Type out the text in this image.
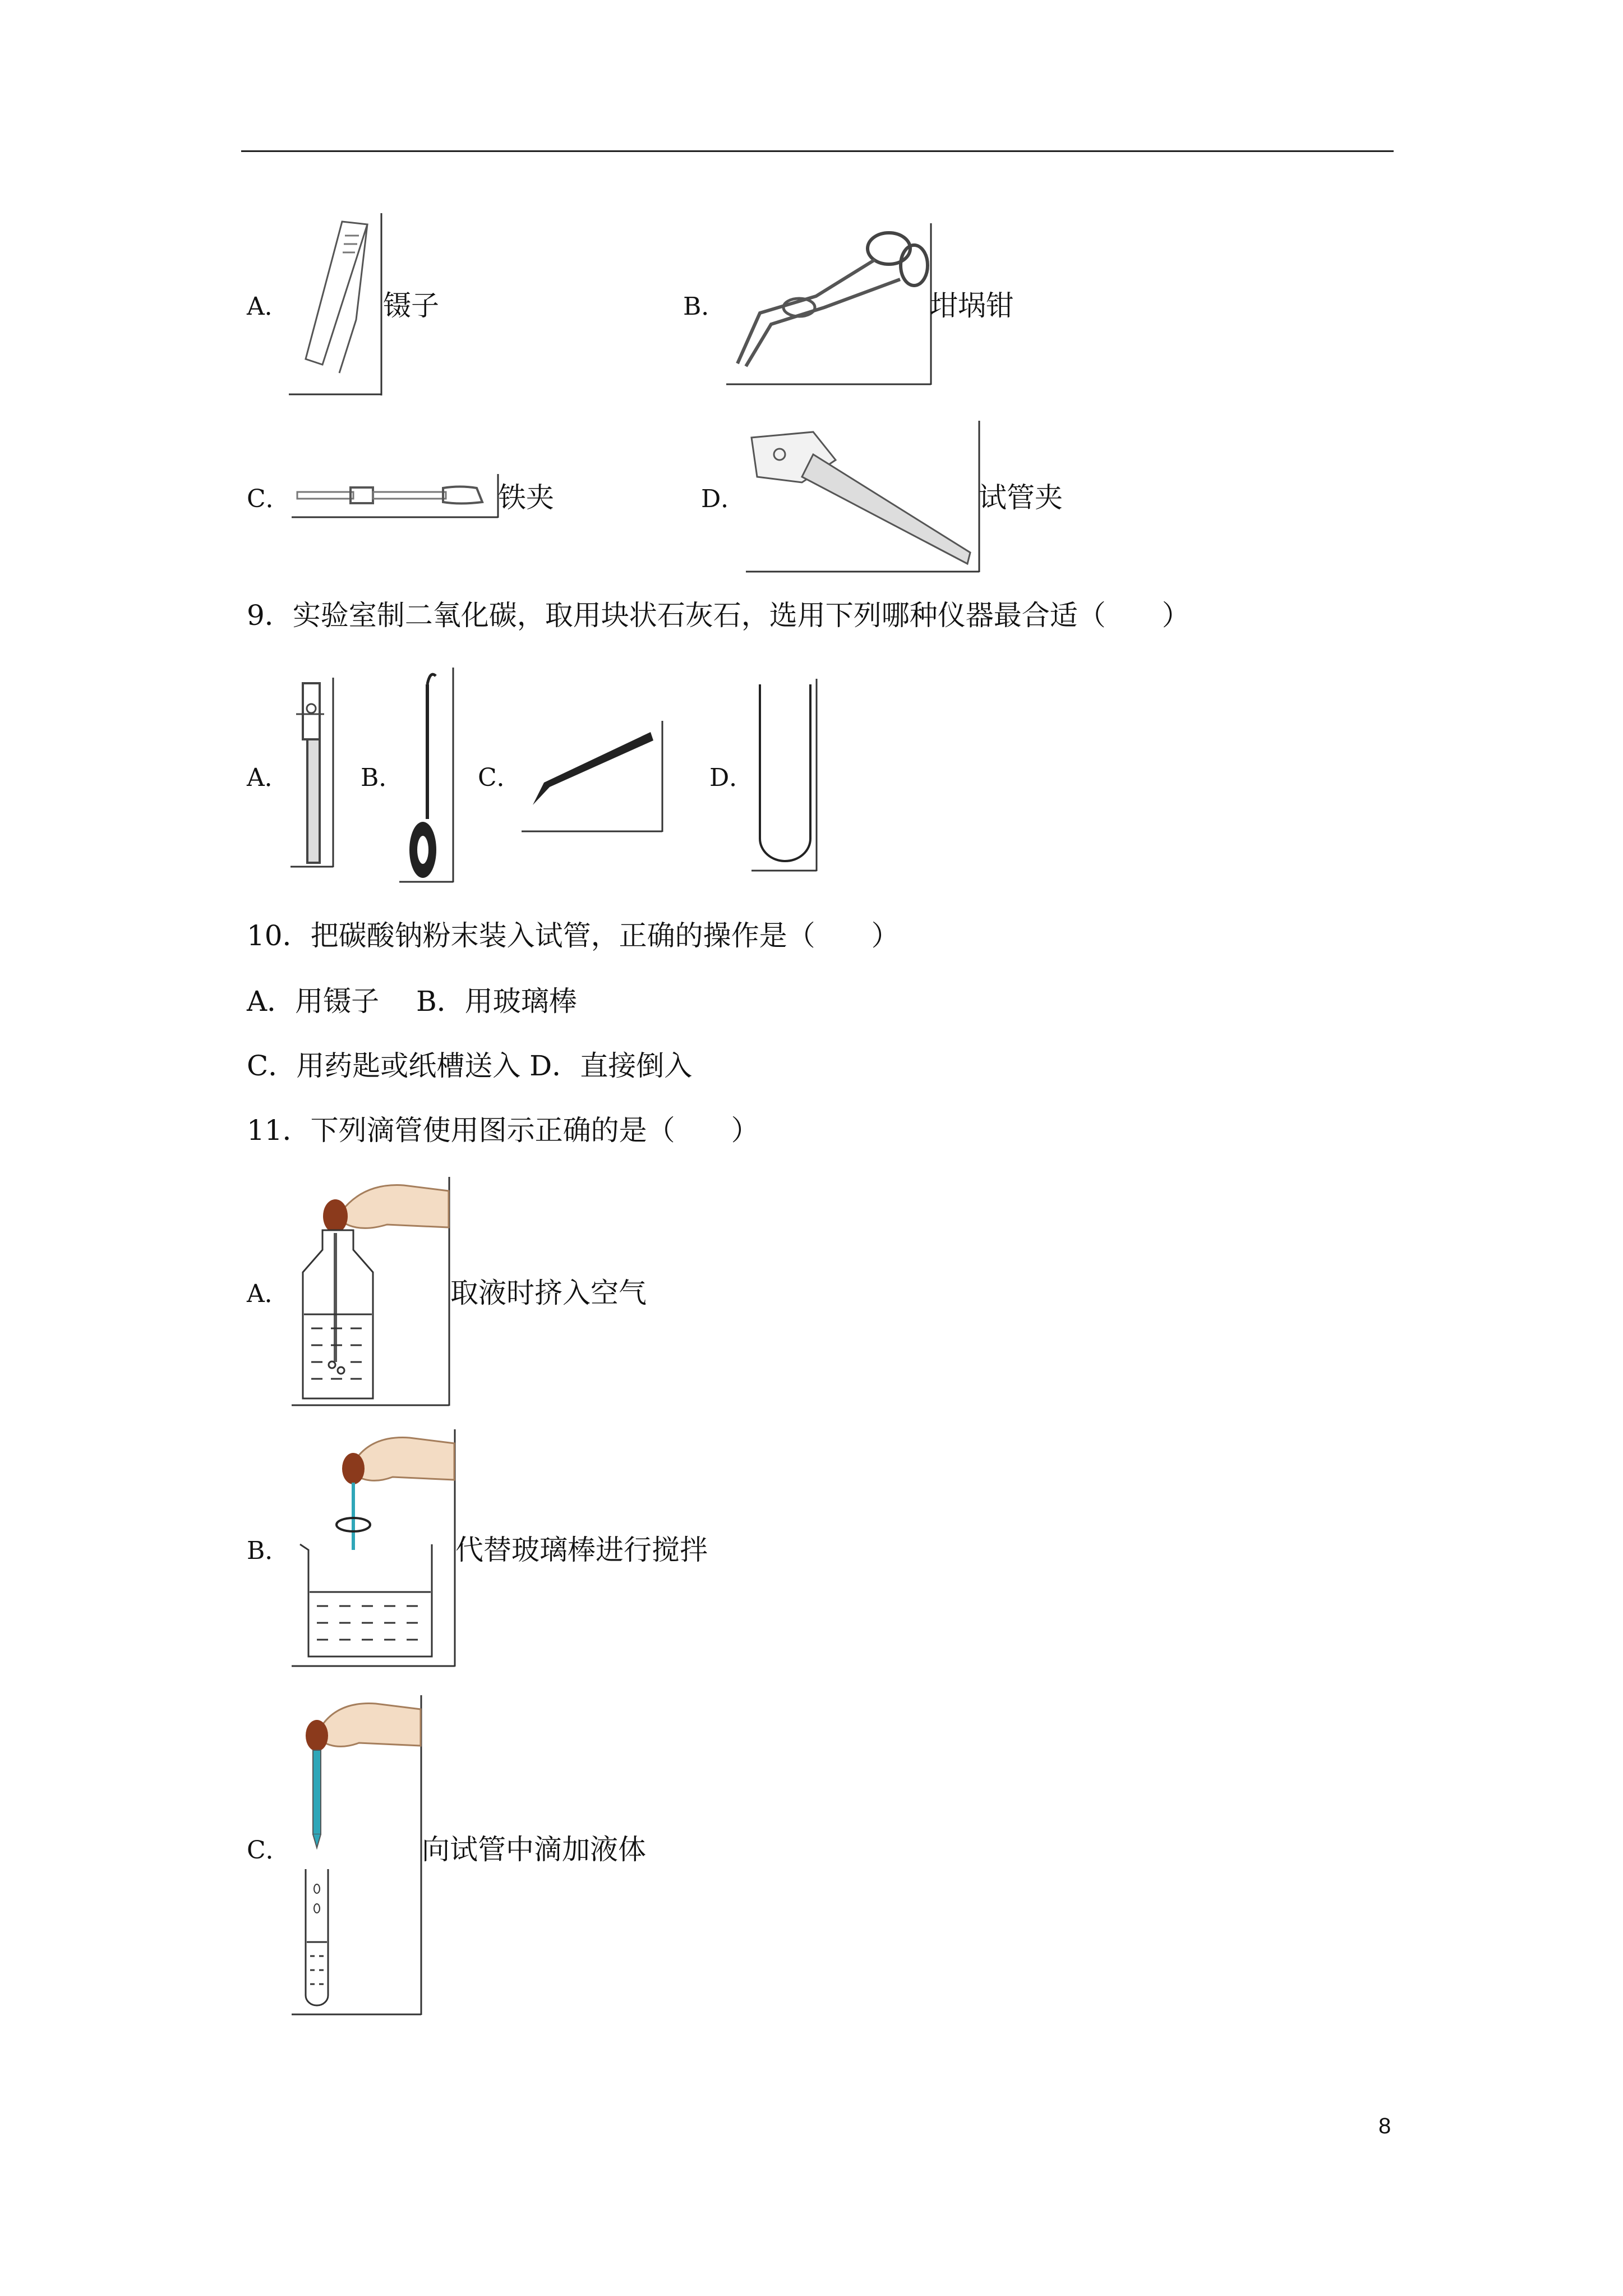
A．	镊子	B．	坩埚钳
C．	铁夹	D．	试管夹
9．实验室制二氧化碳，取用块状石灰石，选用下列哪种仪器最合适（　　）
A．	B．	C．	D．
10．把碳酸钠粉末装入试管，正确的操作是（　　）
A．用镊子　 B．用玻璃棒
C．用药匙或纸槽送入 D．直接倒入
11．下列滴管使用图示正确的是（　　）
A．	取液时挤入空气
B．	代替玻璃棒进行搅拌
C．	向试管中滴加液体
8
